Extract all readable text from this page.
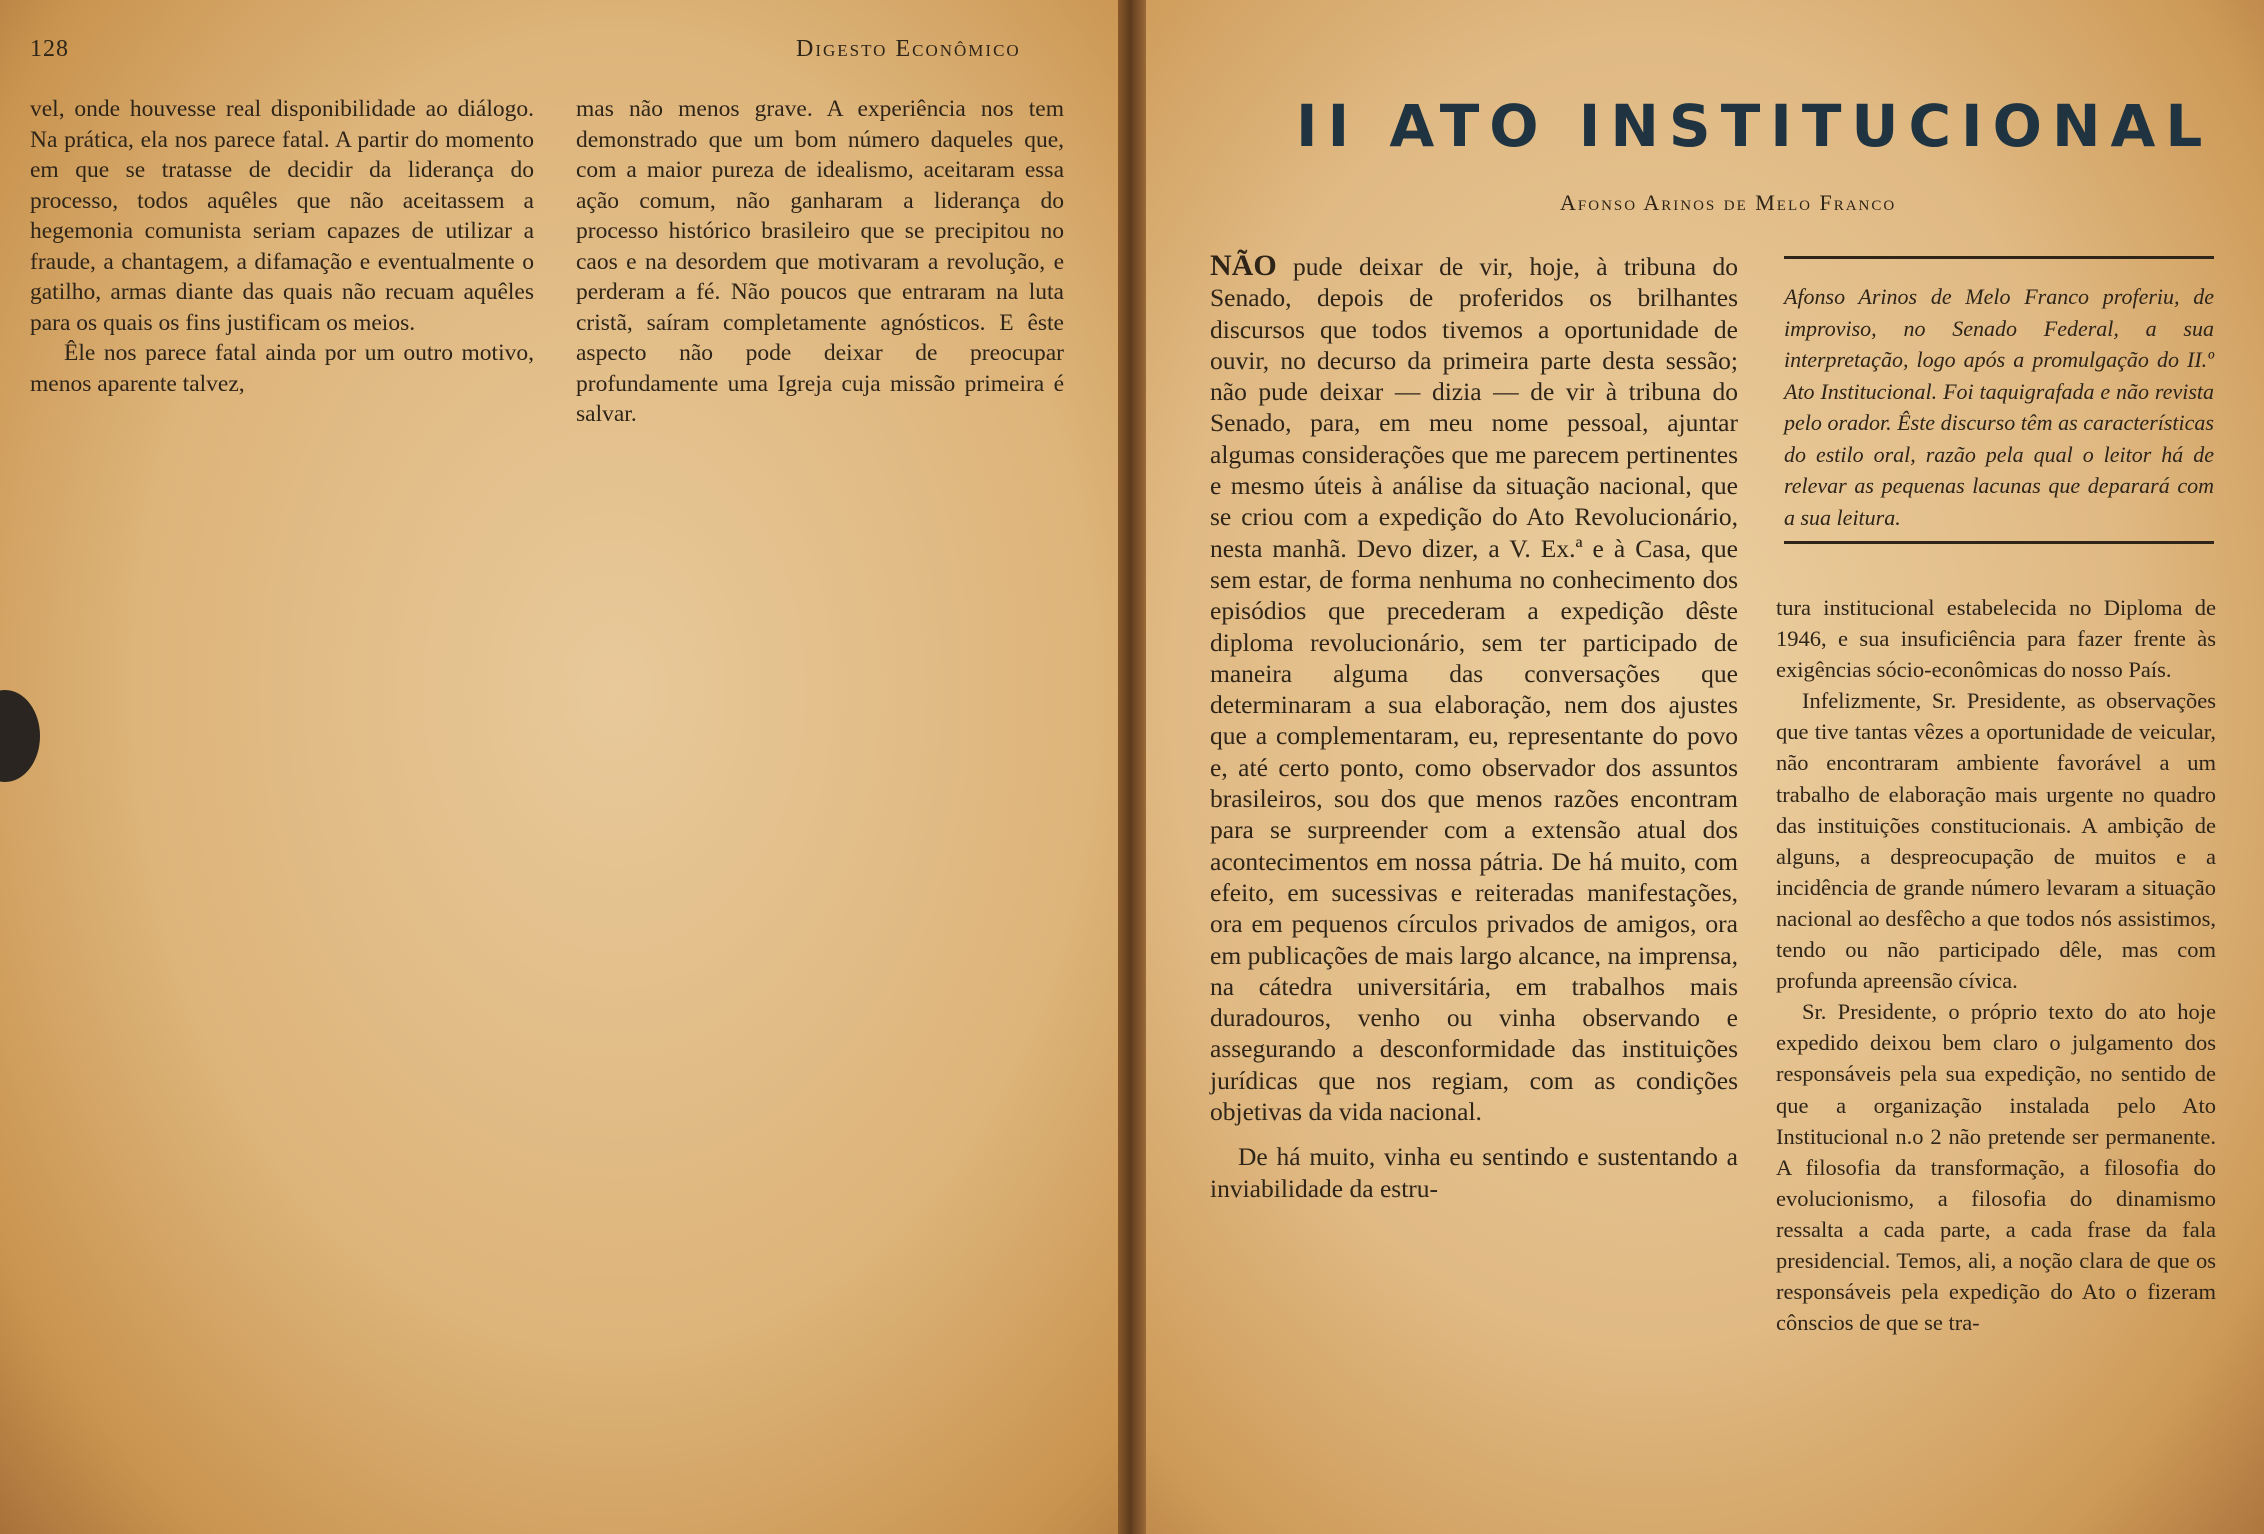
128	Digesto Econômico

vel, onde houvesse real disponibilidade ao diálogo. Na prática, ela nos parece fatal. A partir do momento em que se tratasse de decidir da liderança do processo, todos aquêles que não aceitassem a hegemonia comunista seriam capazes de utilizar a fraude, a chantagem, a difamação e eventualmente o gatilho, armas diante das quais não recuam aquêles para os quais os fins justificam os meios.

Êle nos parece fatal ainda por um outro motivo, menos aparente talvez,

mas não menos grave. A experiência nos tem demonstrado que um bom número daqueles que, com a maior pureza de idealismo, aceitaram essa ação comum, não ganharam a liderança do processo histórico brasileiro que se precipitou no caos e na desordem que motivaram a revolução, e perderam a fé. Não poucos que entraram na luta cristã, saíram completamente agnósticos. E êste aspecto não pode deixar de preocupar profundamente uma Igreja cuja missão primeira é salvar.

II ATO INSTITUCIONAL
Afonso Arinos de Melo Franco

NÃO pude deixar de vir, hoje, à tribuna do Senado, depois de proferidos os brilhantes discursos que todos tivemos a oportunidade de ouvir, no decurso da primeira parte desta sessão; não pude deixar — dizia — de vir à tribuna do Senado, para, em meu nome pessoal, ajuntar algumas considerações que me parecem pertinentes e mesmo úteis à análise da situação nacional, que se criou com a expedição do Ato Revolucionário, nesta manhã. Devo dizer, a V. Ex.ª e à Casa, que sem estar, de forma nenhuma no conhecimento dos episódios que precederam a expedição dêste diploma revolucionário, sem ter participado de maneira alguma das conversações que determinaram a sua elaboração, nem dos ajustes que a complementaram, eu, representante do povo e, até certo ponto, como observador dos assuntos brasileiros, sou dos que menos razões encontram para se surpreender com a extensão atual dos acontecimentos em nossa pátria. De há muito, com efeito, em sucessivas e reiteradas manifestações, ora em pequenos círculos privados de amigos, ora em publicações de mais largo alcance, na imprensa, na cátedra universitária, em trabalhos mais duradouros, venho ou vinha observando e assegurando a desconformidade das instituições jurídicas que nos regiam, com as condições objetivas da vida nacional.

De há muito, vinha eu sentindo e sustentando a inviabilidade da estru-

Afonso Arinos de Melo Franco proferiu, de improviso, no Senado Federal, a sua interpretação, logo após a promulgação do II.º Ato Institucional. Foi taquigrafada e não revista pelo orador. Êste discurso têm as características do estilo oral, razão pela qual o leitor há de relevar as pequenas lacunas que deparará com a sua leitura.

tura institucional estabelecida no Diploma de 1946, e sua insuficiência para fazer frente às exigências sócio-econômicas do nosso País.

Infelizmente, Sr. Presidente, as observações que tive tantas vêzes a oportunidade de veicular, não encontraram ambiente favorável a um trabalho de elaboração mais urgente no quadro das instituições constitucionais. A ambição de alguns, a despreocupação de muitos e a incidência de grande número levaram a situação nacional ao desfêcho a que todos nós assistimos, tendo ou não participado dêle, mas com profunda apreensão cívica.

Sr. Presidente, o próprio texto do ato hoje expedido deixou bem claro o julgamento dos responsáveis pela sua expedição, no sentido de que a organização instalada pelo Ato Institucional n.o 2 não pretende ser permanente. A filosofia da transformação, a filosofia do evolucionismo, a filosofia do dinamismo ressalta a cada parte, a cada frase da fala presidencial. Temos, ali, a noção clara de que os responsáveis pela expedição do Ato o fizeram cônscios de que se tra-
